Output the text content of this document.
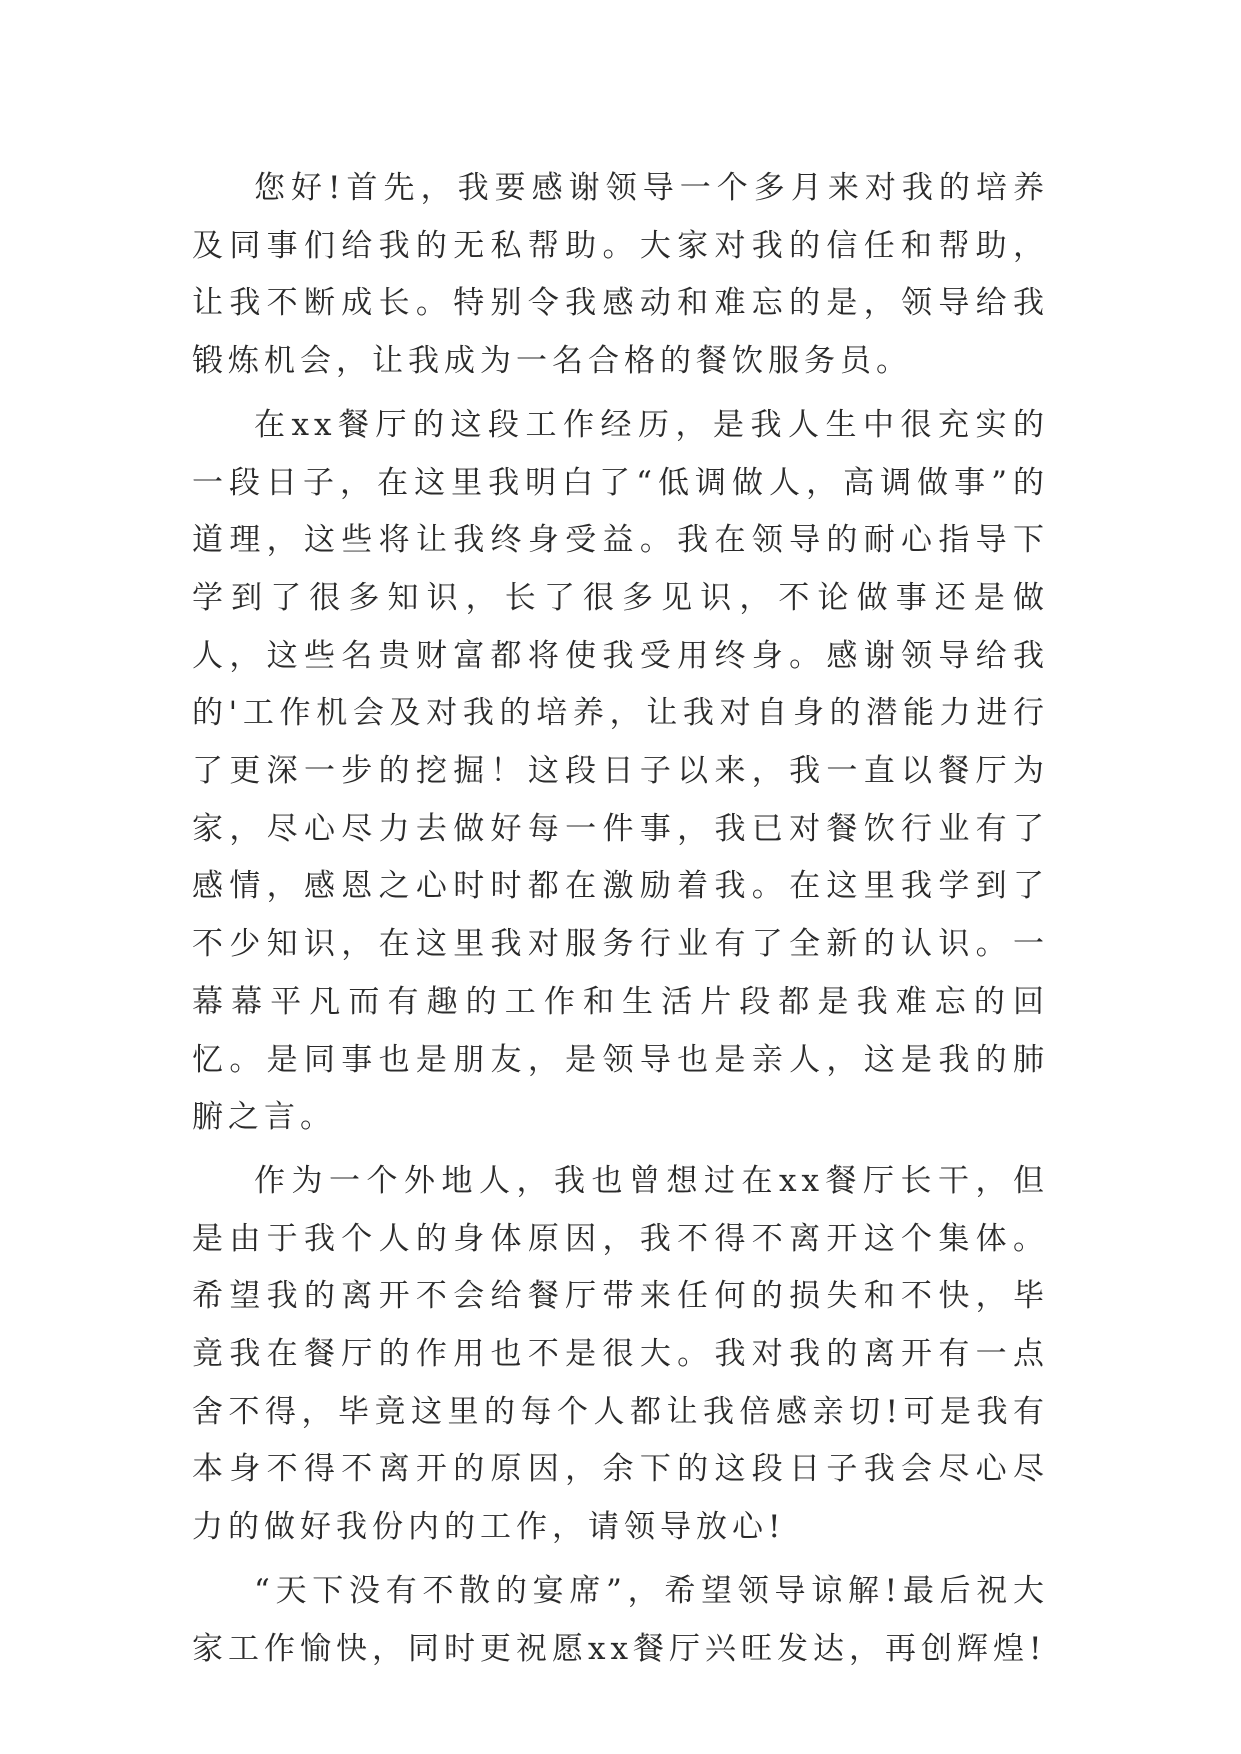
您好!首先，我要感谢领导一个多月来对我的培养及同事们给我的无私帮助。大家对我的信任和帮助，让我不断成长。特别令我感动和难忘的是，领导给我锻炼机会，让我成为一名合格的餐饮服务员。

在xx餐厅的这段工作经历，是我人生中很充实的一段日子，在这里我明白了“低调做人，高调做事”的道理，这些将让我终身受益。我在领导的耐心指导下学到了很多知识，长了很多见识，不论做事还是做人，这些名贵财富都将使我受用终身。感谢领导给我的'工作机会及对我的培养，让我对自身的潜能力进行了更深一步的挖掘！这段日子以来，我一直以餐厅为家，尽心尽力去做好每一件事，我已对餐饮行业有了感情，感恩之心时时都在激励着我。在这里我学到了不少知识，在这里我对服务行业有了全新的认识。一幕幕平凡而有趣的工作和生活片段都是我难忘的回忆。是同事也是朋友，是领导也是亲人，这是我的肺腑之言。

作为一个外地人，我也曾想过在xx餐厅长干，但是由于我个人的身体原因，我不得不离开这个集体。 希望我的离开不会给餐厅带来任何的损失和不快，毕竟我在餐厅的作用也不是很大。我对我的离开有一点舍不得，毕竟这里的每个人都让我倍感亲切!可是我有本身不得不离开的原因，余下的这段日子我会尽心尽力的做好我份内的工作，请领导放心!

“天下没有不散的宴席”，希望领导谅解!最后祝大家工作愉快，同时更祝愿xx餐厅兴旺发达，再创辉煌!
